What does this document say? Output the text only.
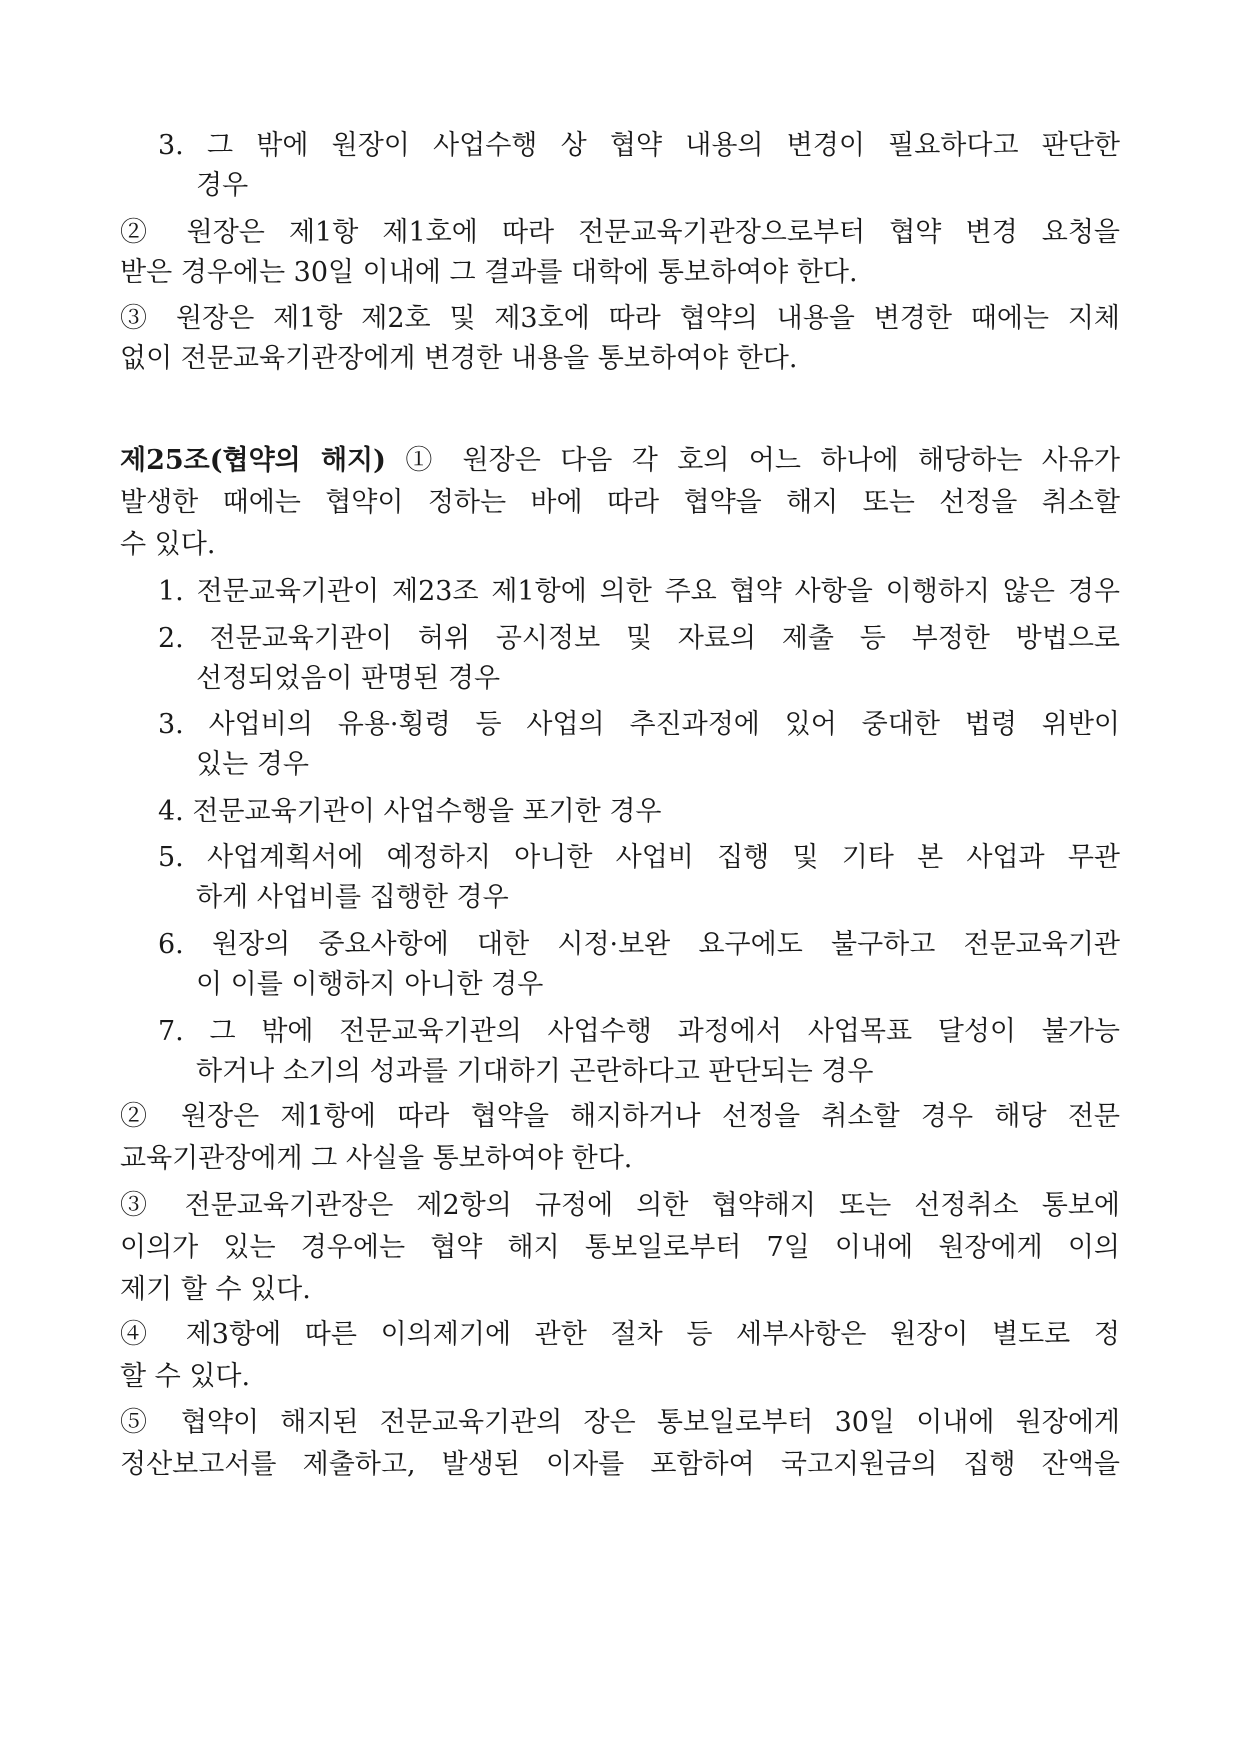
3. 그 밖에 원장이 사업수행 상 협약 내용의 변경이 필요하다고 판단한
경우
② 원장은 제1항 제1호에 따라 전문교육기관장으로부터 협약 변경 요청을
받은 경우에는 30일 이내에 그 결과를 대학에 통보하여야 한다.
③ 원장은 제1항 제2호 및 제3호에 따라 협약의 내용을 변경한 때에는 지체
없이 전문교육기관장에게 변경한 내용을 통보하여야 한다.
제25조(협약의 해지) ① 원장은 다음 각 호의 어느 하나에 해당하는 사유가
발생한 때에는 협약이 정하는 바에 따라 협약을 해지 또는 선정을 취소할
수 있다.
1. 전문교육기관이 제23조 제1항에 의한 주요 협약 사항을 이행하지 않은 경우
2. 전문교육기관이 허위 공시정보 및 자료의 제출 등 부정한 방법으로
선정되었음이 판명된 경우
3. 사업비의 유용·횡령 등 사업의 추진과정에 있어 중대한 법령 위반이
있는 경우
4. 전문교육기관이 사업수행을 포기한 경우
5. 사업계획서에 예정하지 아니한 사업비 집행 및 기타 본 사업과 무관
하게 사업비를 집행한 경우
6. 원장의 중요사항에 대한 시정·보완 요구에도 불구하고 전문교육기관
이 이를 이행하지 아니한 경우
7. 그 밖에 전문교육기관의 사업수행 과정에서 사업목표 달성이 불가능
하거나 소기의 성과를 기대하기 곤란하다고 판단되는 경우
② 원장은 제1항에 따라 협약을 해지하거나 선정을 취소할 경우 해당 전문
교육기관장에게 그 사실을 통보하여야 한다.
③ 전문교육기관장은 제2항의 규정에 의한 협약해지 또는 선정취소 통보에
이의가 있는 경우에는 협약 해지 통보일로부터 7일 이내에 원장에게 이의
제기 할 수 있다.
④ 제3항에 따른 이의제기에 관한 절차 등 세부사항은 원장이 별도로 정
할 수 있다.
⑤ 협약이 해지된 전문교육기관의 장은 통보일로부터 30일 이내에 원장에게
정산보고서를 제출하고, 발생된 이자를 포함하여 국고지원금의 집행 잔액을
